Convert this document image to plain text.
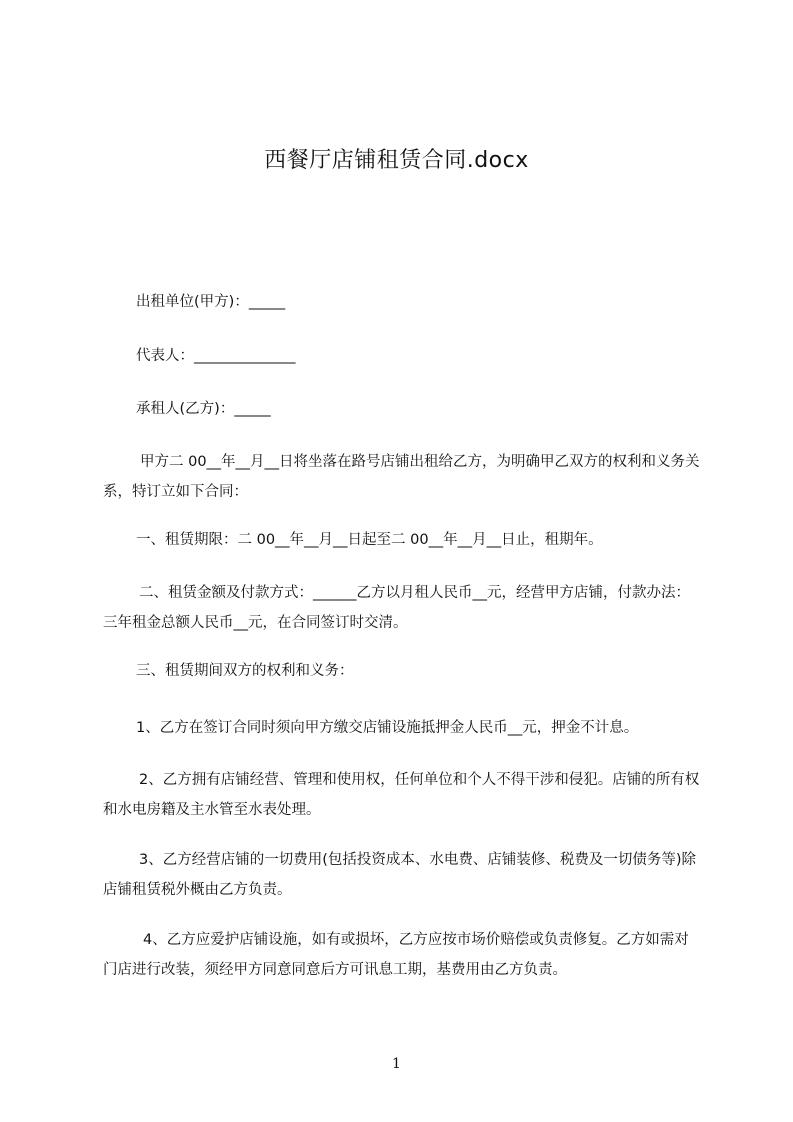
西餐厅店铺租赁合同.docx

出租单位(甲方)：_____

代表人：______________

承租人(乙方)：_____

甲方二 00__年__月__日将坐落在路号店铺出租给乙方，为明确甲乙双方的权利和义务关系，特订立如下合同：

一、租赁期限：二 00__年__月__日起至二 00__年__月__日止，租期年。

二、租赁金额及付款方式：______乙方以月租人民币__元，经营甲方店铺，付款办法：三年租金总额人民币__元，在合同签订时交清。

三、租赁期间双方的权利和义务：

1、乙方在签订合同时须向甲方缴交店铺设施抵押金人民币__元，押金不计息。

2、乙方拥有店铺经营、管理和使用权，任何单位和个人不得干涉和侵犯。店铺的所有权和水电房籍及主水管至水表处理。

3、乙方经营店铺的一切费用(包括投资成本、水电费、店铺装修、税费及一切债务等)除店铺租赁税外概由乙方负责。

4、乙方应爱护店铺设施，如有或损坏，乙方应按市场价赔偿或负责修复。乙方如需对门店进行改装，须经甲方同意同意后方可讯息工期，基费用由乙方负责。

1
